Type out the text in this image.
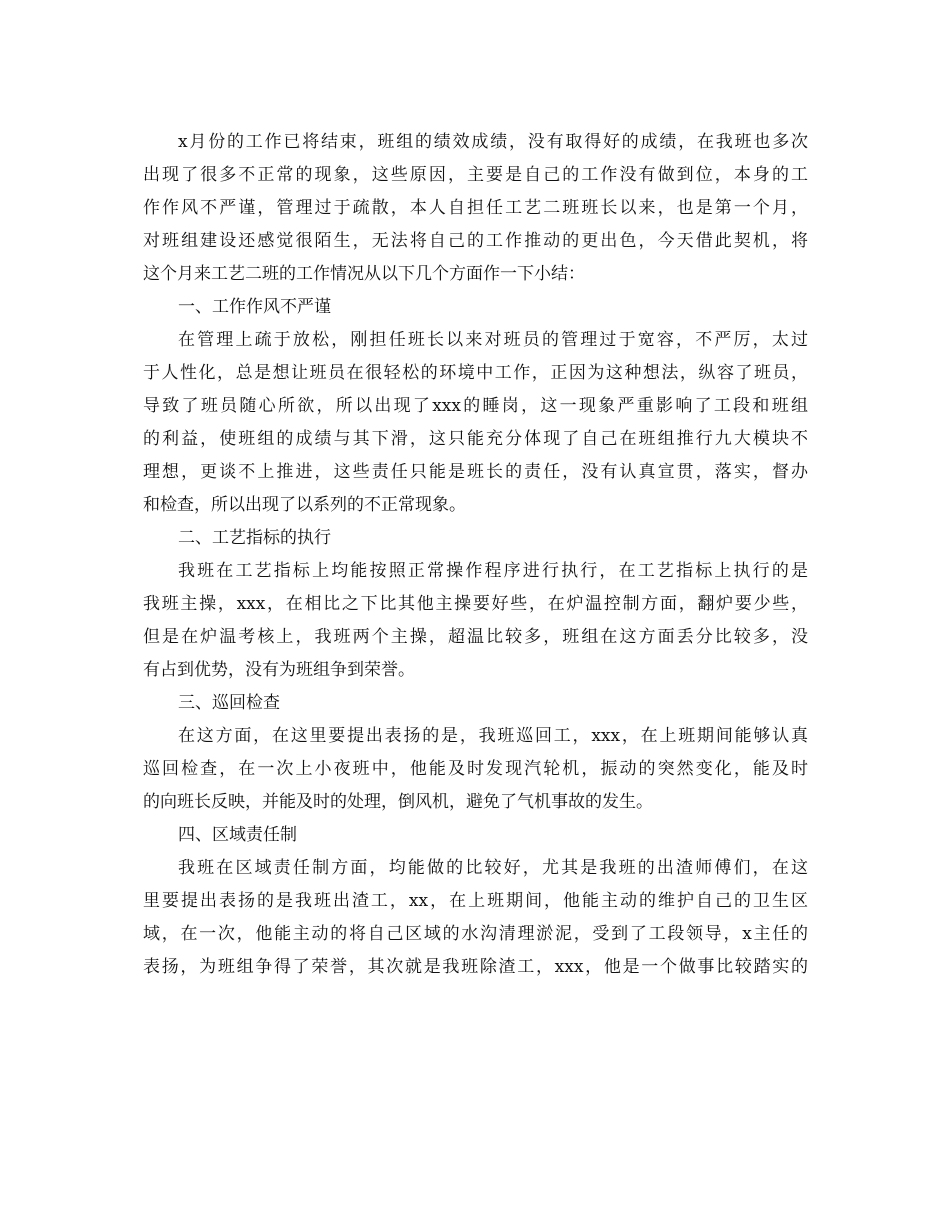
x月份的工作已将结束，班组的绩效成绩，没有取得好的成绩，在我班也多次
出现了很多不正常的现象，这些原因，主要是自己的工作没有做到位，本身的工
作作风不严谨，管理过于疏散，本人自担任工艺二班班长以来，也是第一个月，
对班组建设还感觉很陌生，无法将自己的工作推动的更出色，今天借此契机，将
这个月来工艺二班的工作情况从以下几个方面作一下小结：
一、工作作风不严谨
在管理上疏于放松，刚担任班长以来对班员的管理过于宽容，不严厉，太过
于人性化，总是想让班员在很轻松的环境中工作，正因为这种想法，纵容了班员，
导致了班员随心所欲，所以出现了xxx的睡岗，这一现象严重影响了工段和班组
的利益，使班组的成绩与其下滑，这只能充分体现了自己在班组推行九大模块不
理想，更谈不上推进，这些责任只能是班长的责任，没有认真宣贯，落实，督办
和检查，所以出现了以系列的不正常现象。
二、工艺指标的执行
我班在工艺指标上均能按照正常操作程序进行执行，在工艺指标上执行的是
我班主操，xxx，在相比之下比其他主操要好些，在炉温控制方面，翻炉要少些，
但是在炉温考核上，我班两个主操，超温比较多，班组在这方面丢分比较多，没
有占到优势，没有为班组争到荣誉。
三、巡回检查
在这方面，在这里要提出表扬的是，我班巡回工，xxx，在上班期间能够认真
巡回检查，在一次上小夜班中，他能及时发现汽轮机，振动的突然变化，能及时
的向班长反映，并能及时的处理，倒风机，避免了气机事故的发生。
四、区域责任制
我班在区域责任制方面，均能做的比较好，尤其是我班的出渣师傅们，在这
里要提出表扬的是我班出渣工，xx，在上班期间，他能主动的维护自己的卫生区
域，在一次，他能主动的将自己区域的水沟清理淤泥，受到了工段领导，x主任的
表扬，为班组争得了荣誉，其次就是我班除渣工，xxx，他是一个做事比较踏实的
